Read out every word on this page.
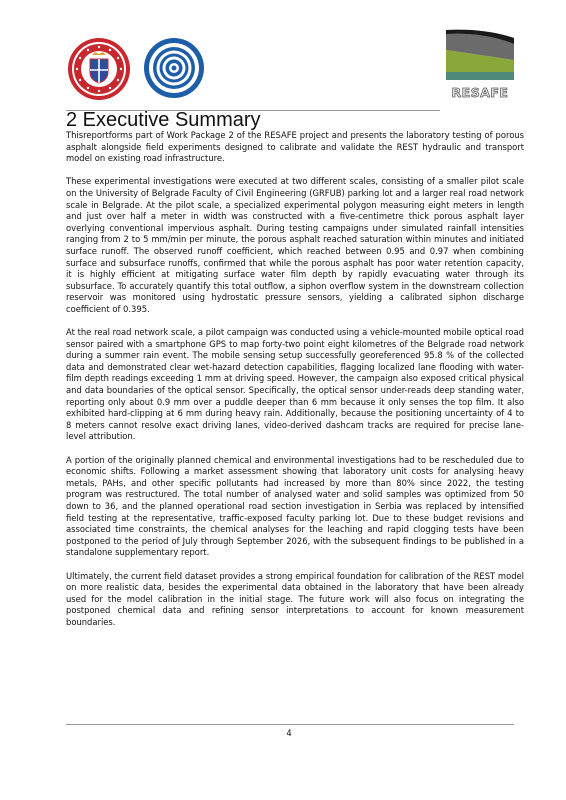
RESAFE
2 Executive Summary

Thisreportforms part of Work Package 2 of the RESAFE project and presents the laboratory testing of porous asphalt alongside field experiments designed to calibrate and validate the REST hydraulic and transport model on existing road infrastructure.

These experimental investigations were executed at two different scales, consisting of a smaller pilot scale on the University of Belgrade Faculty of Civil Engineering (GRFUB) parking lot and a larger real road network scale in Belgrade. At the pilot scale, a specialized experimental polygon measuring eight meters in length and just over half a meter in width was constructed with a five-centimetre thick porous asphalt layer overlying conventional impervious asphalt. During testing campaigns under simulated rainfall intensities ranging from 2 to 5 mm/min per minute, the porous asphalt reached saturation within minutes and initiated surface runoff. The observed runoff coefficient, which reached between 0.95 and 0.97 when combining surface and subsurface runoffs, confirmed that while the porous asphalt has poor water retention capacity, it is highly efficient at mitigating surface water film depth by rapidly evacuating water through its subsurface. To accurately quantify this total outflow, a siphon overflow system in the downstream collection reservoir was monitored using hydrostatic pressure sensors, yielding a calibrated siphon discharge coefficient of 0.395.

At the real road network scale, a pilot campaign was conducted using a vehicle-mounted mobile optical road sensor paired with a smartphone GPS to map forty-two point eight kilometres of the Belgrade road network during a summer rain event. The mobile sensing setup successfully georeferenced 95.8 % of the collected data and demonstrated clear wet-hazard detection capabilities, flagging localized lane flooding with water-film depth readings exceeding 1 mm at driving speed. However, the campaign also exposed critical physical and data boundaries of the optical sensor. Specifically, the optical sensor under-reads deep standing water, reporting only about 0.9 mm over a puddle deeper than 6 mm because it only senses the top film. It also exhibited hard-clipping at 6 mm during heavy rain. Additionally, because the positioning uncertainty of 4 to 8 meters cannot resolve exact driving lanes, video-derived dashcam tracks are required for precise lane-level attribution.

A portion of the originally planned chemical and environmental investigations had to be rescheduled due to economic shifts. Following a market assessment showing that laboratory unit costs for analysing heavy metals, PAHs, and other specific pollutants had increased by more than 80% since 2022, the testing program was restructured. The total number of analysed water and solid samples was optimized from 50 down to 36, and the planned operational road section investigation in Serbia was replaced by intensified field testing at the representative, traffic-exposed faculty parking lot. Due to these budget revisions and associated time constraints, the chemical analyses for the leaching and rapid clogging tests have been postponed to the period of July through September 2026, with the subsequent findings to be published in a standalone supplementary report.

Ultimately, the current field dataset provides a strong empirical foundation for calibration of the REST model on more realistic data, besides the experimental data obtained in the laboratory that have been already used for the model calibration in the initial stage. The future work will also focus on integrating the postponed chemical data and refining sensor interpretations to account for known measurement boundaries.

4
